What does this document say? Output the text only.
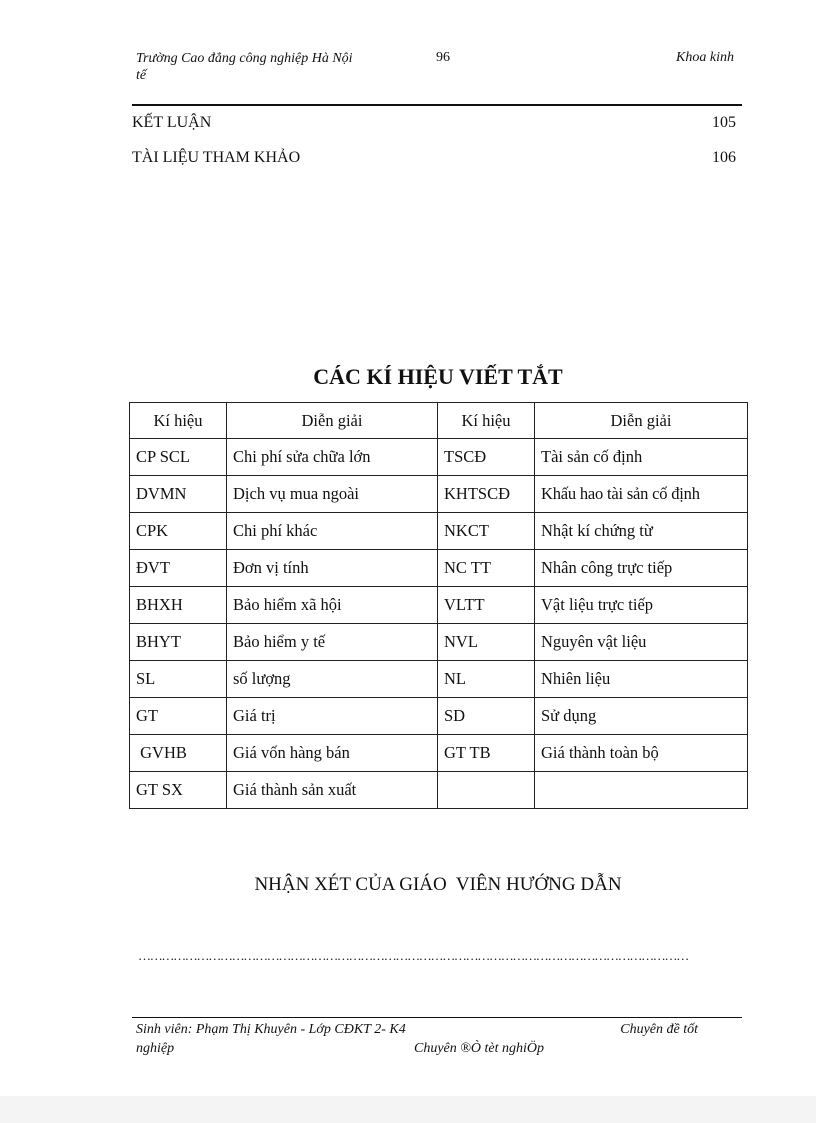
Trường Cao đẳng công nghiệp Hà Nội
tế
96	Khoa kinh
KẾT LUẬN	105
TÀI LIỆU THAM KHẢO	106
CÁC KÍ HIỆU VIẾT TẮT
Kí hiệu	Diễn giải	Kí hiệu	Diễn giải
CP SCL	Chi phí sửa chữa lớn	TSCĐ	Tài sản cố định
DVMN	Dịch vụ mua ngoài	KHTSCĐ	Khấu hao tài sản cố định
CPK	Chi phí khác	NKCT	Nhật kí chứng từ
ĐVT	Đơn vị tính	NC TT	Nhân công trực tiếp
BHXH	Bảo hiểm xã hội	VLTT	Vật liệu trực tiếp
BHYT	Bảo hiểm y tế	NVL	Nguyên vật liệu
SL	số lượng	NL	Nhiên liệu
GT	Giá trị	SD	Sử dụng
GVHB	Giá vốn hàng bán	GT TB	Giá thành toàn bộ
GT SX	Giá thành sản xuất		
NHẬN XÉT CỦA GIÁO  VIÊN HƯỚNG DẪN
……………………………………………………………………………………………………………………………
Sinh viên: Phạm Thị Khuyên - Lớp CĐKT 2- K4	Chuyên đề tốt
nghiệp	Chuyên ®Ò tèt nghiÖp
